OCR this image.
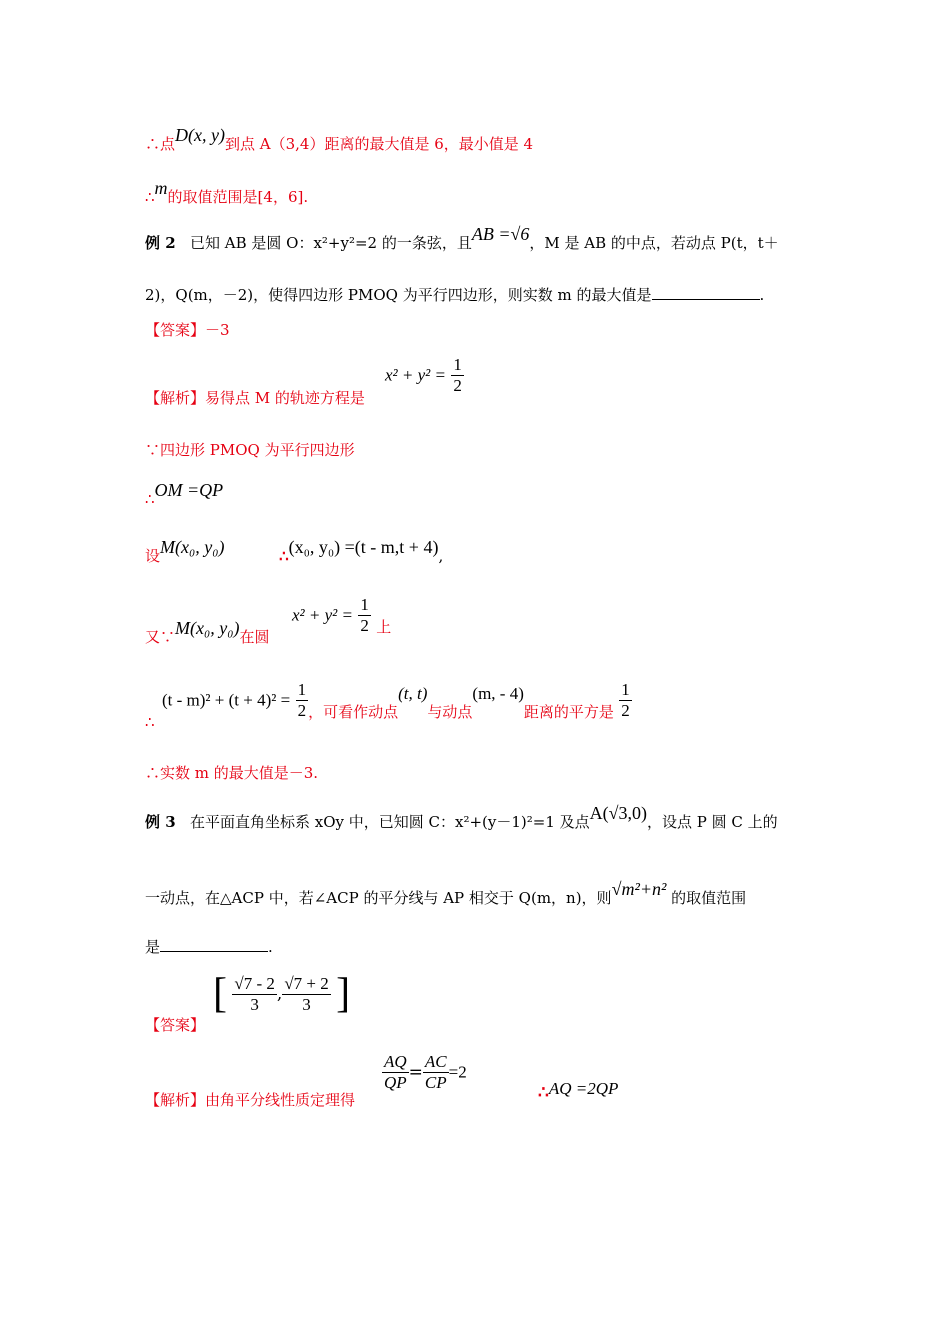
∴点D(x, y)到点 A（3,4）距离的最大值是 6，最小值是 4
∴m的取值范围是[4，6].
例 2 已知 AB 是圆 O：x²+y²=2 的一条弦，且AB =√6，M 是 AB 的中点，若动点 P(t，t＋
2)，Q(m，－2)，使得四边形 PMOQ 为平行四边形，则实数 m 的最大值是	.
【答案】－3
【解析】易得点 M 的轨迹方程是
$x^2 + y^2 = \frac{1}{2}$
∵四边形 PMOQ 为平行四边形
∴OM =QP
设M(x₀, y₀)	∴(x₀, y₀) =(t - m,t + 4),
又∵M(x₀, y₀)在圆
$x^2 + y^2 = \frac{1}{2}$ 上
∴
$(t - m)^2 + (t + 4)^2 = \frac{1}{2}$ ，可看作动点(t, t)与动点(m, - 4)距离的平方是 $\frac{1}{2}$
∴实数 m 的最大值是－3.
例 3 在平面直角坐标系 xOy 中，已知圆 C：x²+(y－1)²=1 及点A(√3,0)，设点 P 圆 C 上的
一动点，在△ACP 中，若∠ACP 的平分线与 AP 相交于 Q(m，n)，则√m²+n² 的取值范围
是	.
【答案】
[ $\frac{√7 - 2}{3}$ , $\frac{√7 + 2}{3}$ ]
【解析】由角平分线性质定理得
$\frac{AQ}{QP} = \frac{AC}{CP} =2$
∴AQ =2QP
